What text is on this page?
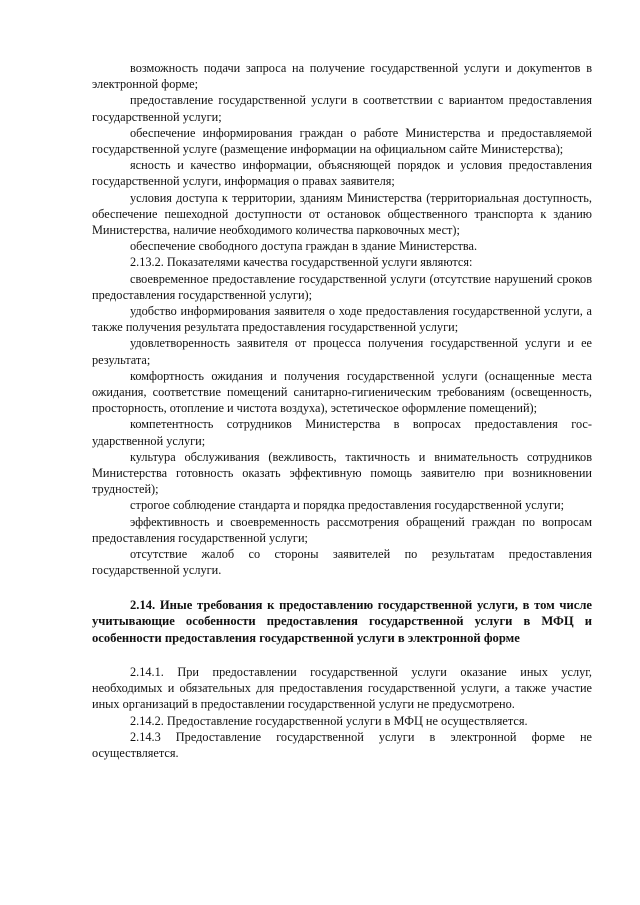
возможность подачи запроса на получение государственной услуги и докуmентов в электронной форме;

предоставление государственной услуги в соответствии с вариантом предоставления государственной услуги;

обеспечение информирования граждан о работе Министерства и предоставляемой государственной услуге (размещение информации на официальном сайте Министерства);

ясность и качество информации, объясняющей порядок и условия предоставления государственной услуги, информация о правах заявителя;

условия доступа к территории, зданиям Министерства (территориальная доступность, обеспечение пешеходной доступности от остановок общественного транспорта к зданию Министерства, наличие необходимого количества парковочных мест);

обеспечение свободного доступа граждан в здание Министерства.

2.13.2. Показателями качества государственной услуги являются:

своевременное предоставление государственной услуги (отсутствие нарушений сроков предоставления государственной услуги);

удобство информирования заявителя о ходе предоставления государственной услуги, а также получения результата предоставления государственной услуги;

удовлетворенность заявителя от процесса получения государственной услуги и ее результата;

комфортность ожидания и получения государственной услуги (оснащенные места ожидания, соответствие помещений санитарно-гигиеническим требованиям (освещенность, просторность, отопление и чистота воздуха), эстетическое оформление помещений);

компетентность сотрудников Министерства в вопросах предоставления государственной услуги;

культура обслуживания (вежливость, тактичность и внимательность сотрудников Министерства готовность оказать эффективную помощь заявителю при возникновении трудностей);

строгое соблюдение стандарта и порядка предоставления государственной услуги;

эффективность и своевременность рассмотрения обращений граждан по вопросам предоставления государственной услуги;

отсутствие жалоб со стороны заявителей по результатам предоставления государственной услуги.

2.14. Иные требования к предоставлению государственной услуги, в том числе учитывающие особенности предоставления государственной услуги в МФЦ и особенности предоставления государственной услуги в электронной форме

2.14.1. При предоставлении государственной услуги оказание иных услуг, необходимых и обязательных для предоставления государственной услуги, а также участие иных организаций в предоставлении государственной услуги не предусмотрено.

2.14.2. Предоставление государственной услуги в МФЦ не осуществляется.

2.14.3 Предоставление государственной услуги в электронной форме не осуществляется.
